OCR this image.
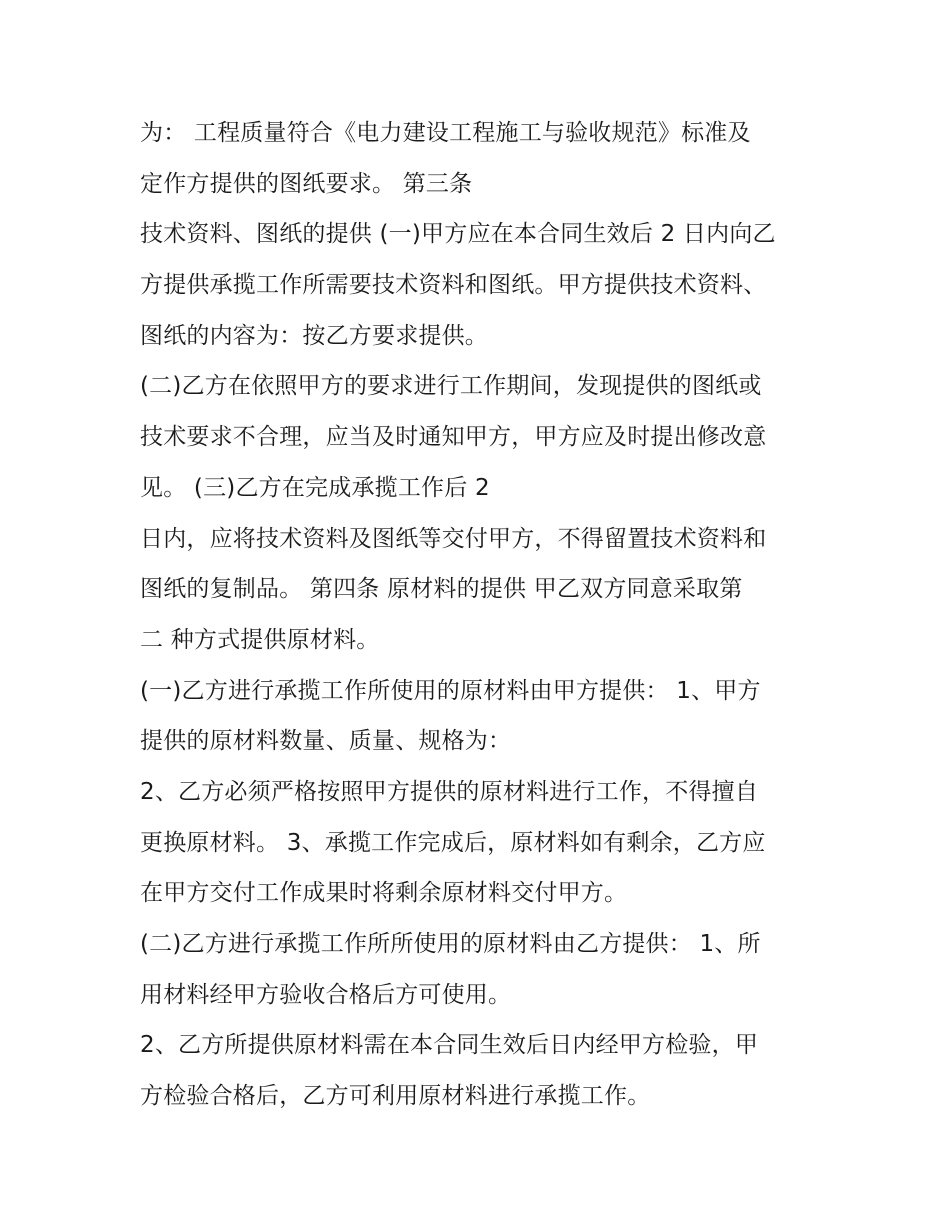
为： 工程质量符合《电力建设工程施工与验收规范》标准及
定作方提供的图纸要求。 第三条
技术资料、图纸的提供 (一)甲方应在本合同生效后 2 日内向乙
方提供承揽工作所需要技术资料和图纸。甲方提供技术资料、
图纸的内容为：按乙方要求提供。
(二)乙方在依照甲方的要求进行工作期间，发现提供的图纸或
技术要求不合理，应当及时通知甲方，甲方应及时提出修改意
见。 (三)乙方在完成承揽工作后 2
日内，应将技术资料及图纸等交付甲方，不得留置技术资料和
图纸的复制品。 第四条 原材料的提供 甲乙双方同意采取第
二 种方式提供原材料。
(一)乙方进行承揽工作所使用的原材料由甲方提供： 1、甲方
提供的原材料数量、质量、规格为：
2、乙方必须严格按照甲方提供的原材料进行工作，不得擅自
更换原材料。 3、承揽工作完成后，原材料如有剩余，乙方应
在甲方交付工作成果时将剩余原材料交付甲方。
(二)乙方进行承揽工作所所使用的原材料由乙方提供： 1、所
用材料经甲方验收合格后方可使用。
2、乙方所提供原材料需在本合同生效后日内经甲方检验，甲
方检验合格后，乙方可利用原材料进行承揽工作。
